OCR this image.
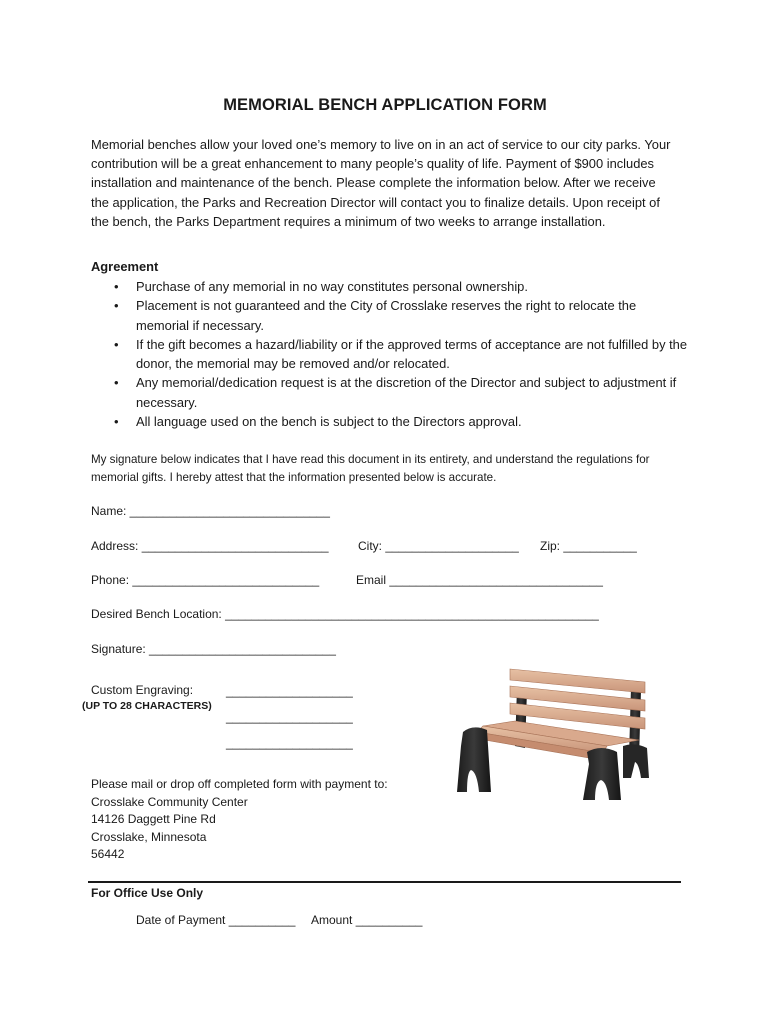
MEMORIAL BENCH APPLICATION FORM

Memorial benches allow your loved one’s memory to live on in an act of service to our city parks. Your contribution will be a great enhancement to many people’s quality of life. Payment of $900 includes installation and maintenance of the bench. Please complete the information below. After we receive the application, the Parks and Recreation Director will contact you to finalize details. Upon receipt of the bench, the Parks Department requires a minimum of two weeks to arrange installation.

Agreement

• Purchase of any memorial in no way constitutes personal ownership.
• Placement is not guaranteed and the City of Crosslake reserves the right to relocate the memorial if necessary.
• If the gift becomes a hazard/liability or if the approved terms of acceptance are not fulfilled by the donor, the memorial may be removed and/or relocated.
• Any memorial/dedication request is at the discretion of the Director and subject to adjustment if necessary.
• All language used on the bench is subject to the Directors approval.

My signature below indicates that I have read this document in its entirety, and understand the regulations for memorial gifts. I hereby attest that the information presented below is accurate.

Name: ______________________________
Address: ____________________________ City: ____________________ Zip: ___________
Phone: ____________________________	Email ________________________________
Desired Bench Location: ________________________________________________________
Signature: ____________________________
Custom Engraving:
(UP TO 28 CHARACTERS)
___________________
___________________
___________________
Please mail or drop off completed form with payment to:
Crosslake Community Center
14126 Daggett Pine Rd
Crosslake, Minnesota
56442
For Office Use Only
Date of Payment __________ Amount __________
